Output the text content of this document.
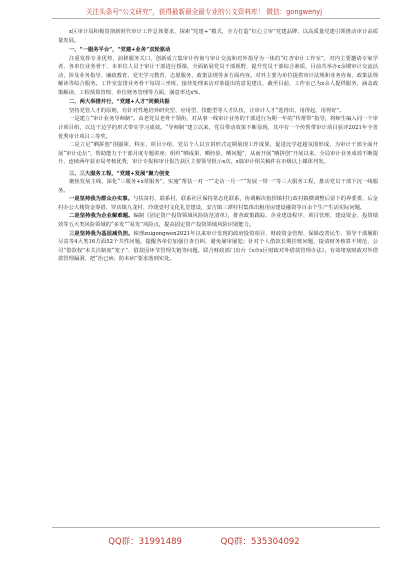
关注头条号“公文研究”，获得最新最全最专业的公文资料库！ 微信：gongwenyj

x区审计局积极贯彻新时代审计工作总体要求，探索“党建+”模式，全力打造“红心立审”党建品牌，以高质量党建引领推动审计高质量发展。

一、“一服务平台”，“党建+业务”双轮驱动

注重发挥专业优势，前移服务关口，创新成立集审计咨询与审计交流和对外指导为一体的“红杏审计工作室”，对内主要邀请专家学者、各单位业务骨干、本单位人员于审计干部进行授课，全面拓展党员干部视野，提升党员干部综合素质，目前共举办x余期审计交流活动，涉及业务指导、廉政教育、党史学习教育、志愿服务、政策法规等多方面内容。对外主要为单位提供审计法规和业务咨询、政策法规解读等综合服务。工作室安排业务骨干每周三坐班，接待处理来访对象提出的意见建议，截至目前，工作室已为x余人提供服务，涵盖政策解读、工程预算管理、单位财务管理等方面，满意率达x%。

二、两大举措并行，“党建+人才”同频共振

坚持党管人才的原则，有针对性地培养研究型、应用型、技能型等人才队伍，让审计人才“选得出、用得起、用得好”。

一是建立“审计业务导师制”。由老党员老骨干领衔，对从事一线审计业务的干部进行为期一年的“传帮带”指导，将师生编入同一个审计项目组，以边干边学的形式带实学习成效。“导师制”建立以来，党员带动效果不断显现，其中有一个传帮带审计项目获评2021年全省优秀审计项目三等奖。

二是立足“晒拼创”围强领、科室、项目小组、党员个人以宣讲形式定期展现工作成果，促进比学赶超氛围形成，为审计干部全面开展“审计论坛”，帮助能力于干部月度专题讲座；组织“晒成果、晒经验、晒问题”，从而开展“晒拼创”开展以来，全局审计业务成效不断提升，连续两年获市局考核优秀，审计专报和审计报告获区主要领导批示x次，x篇审计相关稿件在市级以上媒体刊发。

三、三大服务工程，“党建+发展”聚力创变

聚焦发展主线，深化“三服务+x常服务”，实施“帮扶一对一”“走访一月一”“发展一带一”等三大服务工程，推动党员干部下沉一线服务。

一是坚持我为群众办实事。与扶贫村、联系村、联系社区保持常态化联系，协调解决指挥镇村行政村镇横调整后留下的界委委、后金村办公大楼资金筹措、罗店镇九龙村、玲珑壹村文化礼堂建设，安吉镇三潭村村集体出租用房建设融资等百余个生产生活实际问题。

二是坚持我为企业解难题。编制《固定资产投资领域风险防范清单》，排查政策跟踪、企业建设程序、项目管理、建设资金、投资绩效等五大类风险领域的“多发”“易发”风险点，提高固定资产投资领域风险识别能力。

三是坚持我为基层减负担。梳理zuigongwen2021年以来审计发现的政府投资项目、财政资金管理、保障改善民生、领导干部履职尽责等4大类16方面52个共性问题，提醒各单位加强自查自纠，避免屡审屡犯；针对个人借款长期挂账问题，提请财务核算不规范、公司“借款权”未关注制度“笼子”、借款因环节管理失链等问题，联合财政部门出台《x市x区财政对外借款管理办法》，有效堵塞财政对外借款管理漏洞，把“治已病、防未病”要求落到实处。

QQ群：31991489	QQ群：535304092
